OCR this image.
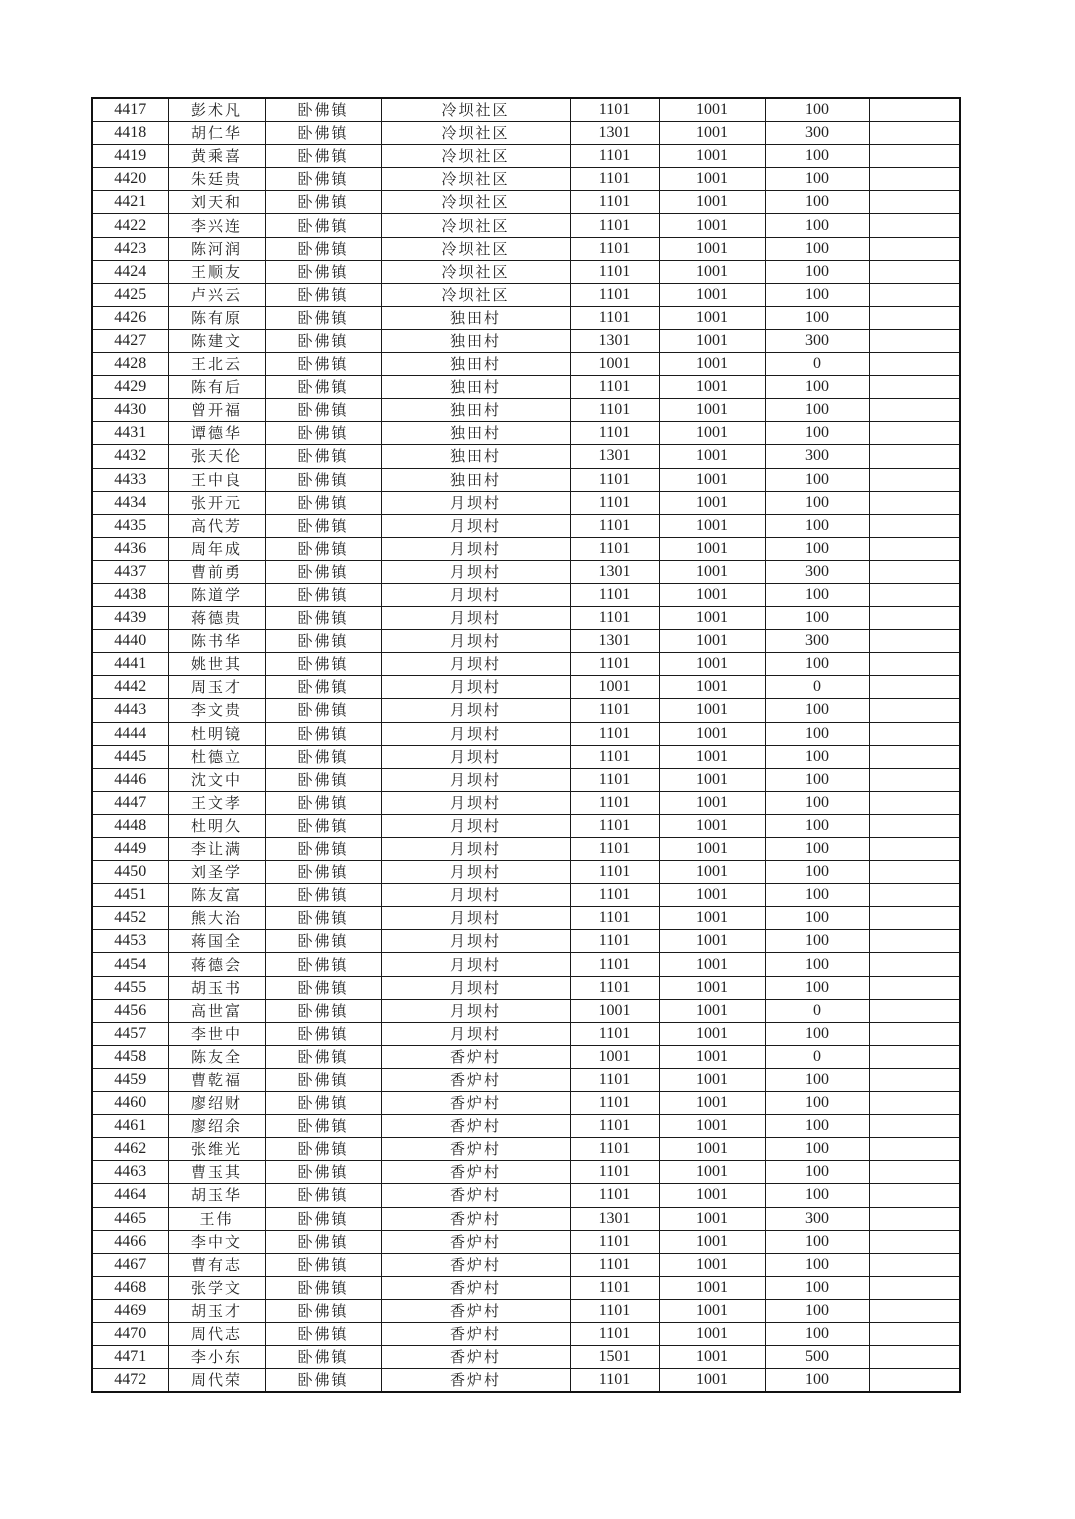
4417	彭术凡	卧佛镇	冷坝社区	1101	1001	100	
4418	胡仁华	卧佛镇	冷坝社区	1301	1001	300	
4419	黄乘喜	卧佛镇	冷坝社区	1101	1001	100	
4420	朱廷贵	卧佛镇	冷坝社区	1101	1001	100	
4421	刘天和	卧佛镇	冷坝社区	1101	1001	100	
4422	李兴连	卧佛镇	冷坝社区	1101	1001	100	
4423	陈河润	卧佛镇	冷坝社区	1101	1001	100	
4424	王顺友	卧佛镇	冷坝社区	1101	1001	100	
4425	卢兴云	卧佛镇	冷坝社区	1101	1001	100	
4426	陈有原	卧佛镇	独田村	1101	1001	100	
4427	陈建文	卧佛镇	独田村	1301	1001	300	
4428	王北云	卧佛镇	独田村	1001	1001	0	
4429	陈有后	卧佛镇	独田村	1101	1001	100	
4430	曾开福	卧佛镇	独田村	1101	1001	100	
4431	谭德华	卧佛镇	独田村	1101	1001	100	
4432	张天伦	卧佛镇	独田村	1301	1001	300	
4433	王中良	卧佛镇	独田村	1101	1001	100	
4434	张开元	卧佛镇	月坝村	1101	1001	100	
4435	高代芳	卧佛镇	月坝村	1101	1001	100	
4436	周年成	卧佛镇	月坝村	1101	1001	100	
4437	曹前勇	卧佛镇	月坝村	1301	1001	300	
4438	陈道学	卧佛镇	月坝村	1101	1001	100	
4439	蒋德贵	卧佛镇	月坝村	1101	1001	100	
4440	陈书华	卧佛镇	月坝村	1301	1001	300	
4441	姚世其	卧佛镇	月坝村	1101	1001	100	
4442	周玉才	卧佛镇	月坝村	1001	1001	0	
4443	李文贵	卧佛镇	月坝村	1101	1001	100	
4444	杜明镜	卧佛镇	月坝村	1101	1001	100	
4445	杜德立	卧佛镇	月坝村	1101	1001	100	
4446	沈文中	卧佛镇	月坝村	1101	1001	100	
4447	王文孝	卧佛镇	月坝村	1101	1001	100	
4448	杜明久	卧佛镇	月坝村	1101	1001	100	
4449	李让满	卧佛镇	月坝村	1101	1001	100	
4450	刘圣学	卧佛镇	月坝村	1101	1001	100	
4451	陈友富	卧佛镇	月坝村	1101	1001	100	
4452	熊大治	卧佛镇	月坝村	1101	1001	100	
4453	蒋国全	卧佛镇	月坝村	1101	1001	100	
4454	蒋德会	卧佛镇	月坝村	1101	1001	100	
4455	胡玉书	卧佛镇	月坝村	1101	1001	100	
4456	高世富	卧佛镇	月坝村	1001	1001	0	
4457	李世中	卧佛镇	月坝村	1101	1001	100	
4458	陈友全	卧佛镇	香炉村	1001	1001	0	
4459	曹乾福	卧佛镇	香炉村	1101	1001	100	
4460	廖绍财	卧佛镇	香炉村	1101	1001	100	
4461	廖绍余	卧佛镇	香炉村	1101	1001	100	
4462	张维光	卧佛镇	香炉村	1101	1001	100	
4463	曹玉其	卧佛镇	香炉村	1101	1001	100	
4464	胡玉华	卧佛镇	香炉村	1101	1001	100	
4465	王伟	卧佛镇	香炉村	1301	1001	300	
4466	李中文	卧佛镇	香炉村	1101	1001	100	
4467	曹有志	卧佛镇	香炉村	1101	1001	100	
4468	张学文	卧佛镇	香炉村	1101	1001	100	
4469	胡玉才	卧佛镇	香炉村	1101	1001	100	
4470	周代志	卧佛镇	香炉村	1101	1001	100	
4471	李小东	卧佛镇	香炉村	1501	1001	500	
4472	周代荣	卧佛镇	香炉村	1101	1001	100	
